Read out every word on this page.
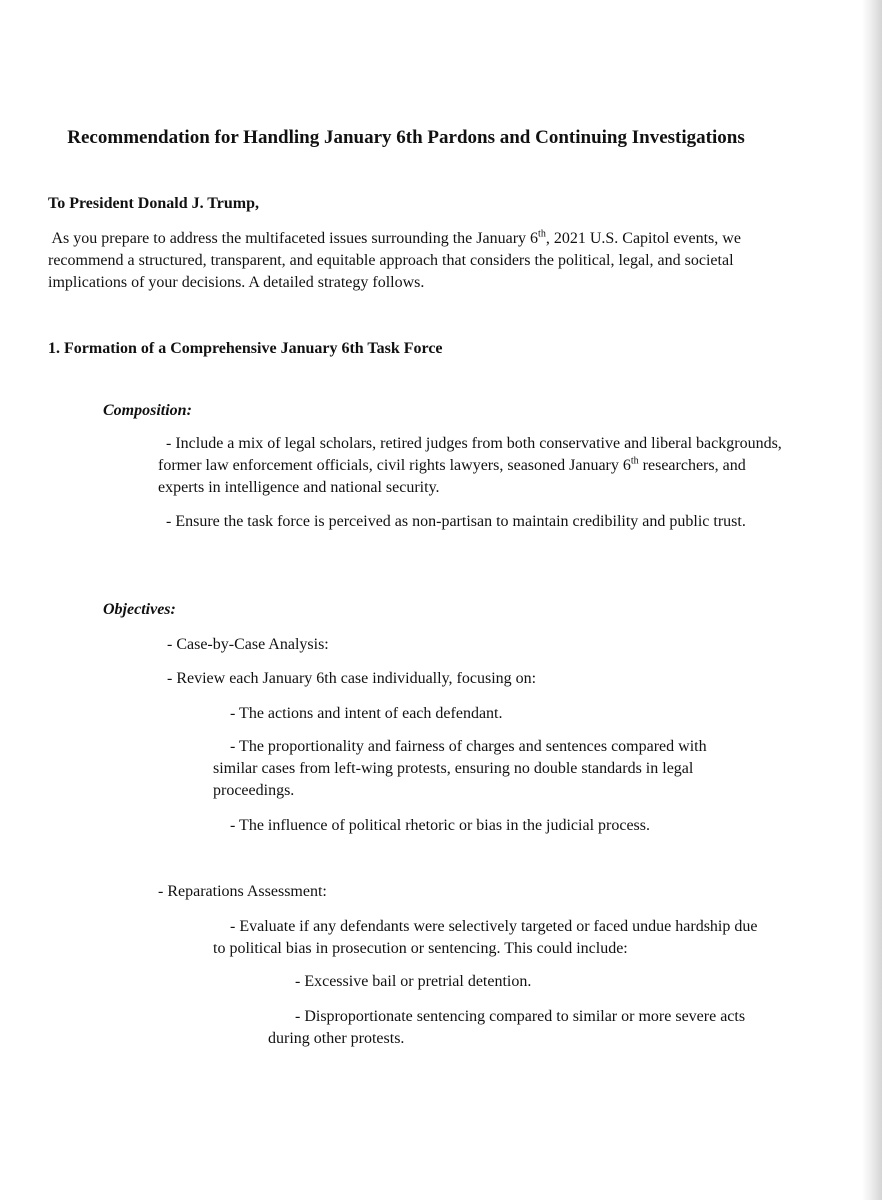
Recommendation for Handling January 6th Pardons and Continuing Investigations

To President Donald J. Trump,

As you prepare to address the multifaceted issues surrounding the January 6th, 2021 U.S. Capitol events, we recommend a structured, transparent, and equitable approach that considers the political, legal, and societal implications of your decisions. A detailed strategy follows.

1. Formation of a Comprehensive January 6th Task Force

Composition:

- Include a mix of legal scholars, retired judges from both conservative and liberal backgrounds, former law enforcement officials, civil rights lawyers, seasoned January 6th researchers, and experts in intelligence and national security.

- Ensure the task force is perceived as non-partisan to maintain credibility and public trust.

Objectives:

- Case-by-Case Analysis:

- Review each January 6th case individually, focusing on:

- The actions and intent of each defendant.

- The proportionality and fairness of charges and sentences compared with similar cases from left-wing protests, ensuring no double standards in legal proceedings.

- The influence of political rhetoric or bias in the judicial process.

- Reparations Assessment:

- Evaluate if any defendants were selectively targeted or faced undue hardship due to political bias in prosecution or sentencing. This could include:

- Excessive bail or pretrial detention.

- Disproportionate sentencing compared to similar or more severe acts during other protests.
